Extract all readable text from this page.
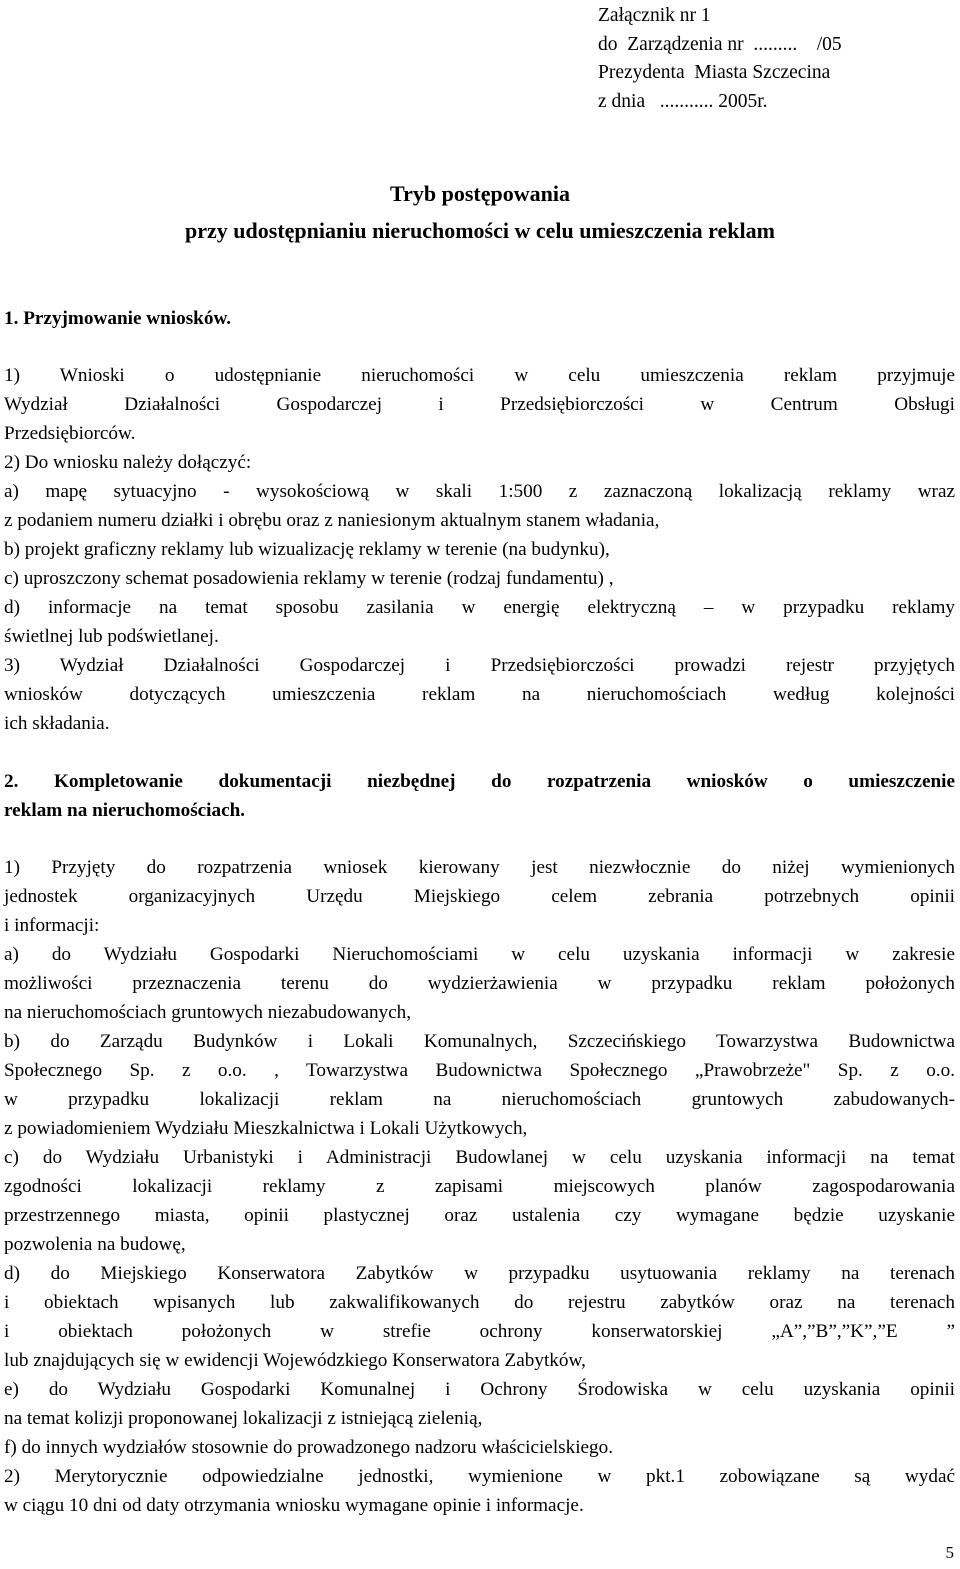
Załącznik nr 1
do  Zarządzenia nr  .........    /05
Prezydenta  Miasta Szczecina
z dnia   ........... 2005r.
Tryb postępowania
przy udostępnianiu nieruchomości w celu umieszczenia reklam
1. Przyjmowanie wniosków.
1) Wnioski o udostępnianie nieruchomości w celu umieszczenia reklam przyjmuje
Wydział Działalności Gospodarczej i Przedsiębiorczości w Centrum Obsługi
Przedsiębiorców.
2) Do wniosku należy dołączyć:
a) mapę sytuacyjno - wysokościową w skali 1:500 z zaznaczoną lokalizacją reklamy wraz
z podaniem numeru działki i obrębu oraz z naniesionym aktualnym stanem władania,
b) projekt graficzny reklamy lub wizualizację reklamy w terenie (na budynku),
c) uproszczony schemat posadowienia reklamy w terenie (rodzaj fundamentu) ,
d) informacje na temat sposobu zasilania w energię elektryczną – w przypadku reklamy
świetlnej lub podświetlanej.
3) Wydział Działalności Gospodarczej i Przedsiębiorczości prowadzi rejestr przyjętych
wniosków dotyczących umieszczenia reklam na nieruchomościach według kolejności
ich składania.
2. Kompletowanie dokumentacji niezbędnej do rozpatrzenia wniosków o umieszczenie
reklam na nieruchomościach.
1) Przyjęty do rozpatrzenia wniosek kierowany jest niezwłocznie do niżej wymienionych
jednostek organizacyjnych Urzędu Miejskiego celem zebrania potrzebnych opinii
i informacji:
a) do Wydziału Gospodarki Nieruchomościami w celu uzyskania informacji w zakresie
możliwości przeznaczenia terenu do wydzierżawienia w przypadku reklam położonych
na nieruchomościach gruntowych niezabudowanych,
b) do Zarządu Budynków i Lokali Komunalnych, Szczecińskiego Towarzystwa Budownictwa
Społecznego Sp. z o.o. , Towarzystwa Budownictwa Społecznego „Prawobrzeże" Sp. z o.o.
w przypadku lokalizacji reklam na nieruchomościach gruntowych zabudowanych-
z powiadomieniem Wydziału Mieszkalnictwa i Lokali Użytkowych,
c) do Wydziału Urbanistyki i Administracji Budowlanej w celu uzyskania informacji na temat
zgodności lokalizacji reklamy z zapisami miejscowych planów zagospodarowania
przestrzennego miasta, opinii plastycznej oraz ustalenia czy wymagane będzie uzyskanie
pozwolenia na budowę,
d) do Miejskiego Konserwatora Zabytków w przypadku usytuowania reklamy na terenach
i obiektach wpisanych lub zakwalifikowanych do rejestru zabytków oraz na terenach
i obiektach położonych w strefie ochrony konserwatorskiej „A”,”B”,”K”,”E ”
lub znajdujących się w ewidencji Wojewódzkiego Konserwatora Zabytków,
e) do Wydziału Gospodarki Komunalnej i Ochrony Środowiska w celu uzyskania opinii
na temat kolizji proponowanej lokalizacji z istniejącą zielenią,
f) do innych wydziałów stosownie do prowadzonego nadzoru właścicielskiego.
2) Merytorycznie odpowiedzialne jednostki, wymienione w pkt.1 zobowiązane są wydać
w ciągu 10 dni od daty otrzymania wniosku wymagane opinie i informacje.
5
